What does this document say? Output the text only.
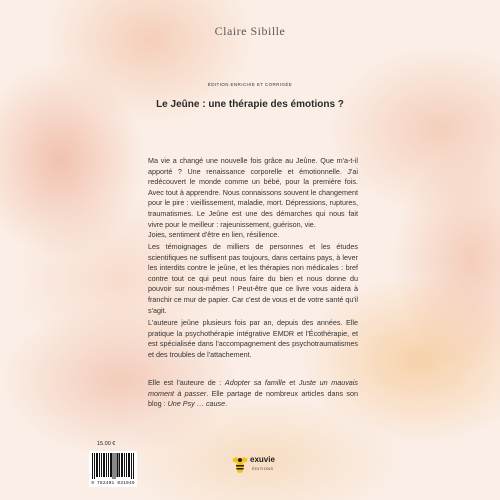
Claire Sibille
ÉDITION ENRICHIE ET CORRIGÉE
Le Jeûne : une thérapie des émotions ?
Ma vie a changé une nouvelle fois grâce au Jeûne. Que m'a-t-il apporté ? Une renaissance corporelle et émotionnelle. J'ai redécouvert le monde comme un bébé, pour la première fois. Avec tout à apprendre. Nous connaissons souvent le changement pour le pire : vieillissement, maladie, mort. Dépressions, ruptures, traumatismes. Le Jeûne est une des démarches qui nous fait vivre pour le meilleur : rajeunissement, guérison, vie.
Joies, sentiment d'être en lien, résilience.
Les témoignages de milliers de personnes et les études scientifiques ne suffisent pas toujours, dans certains pays, à lever les interdits contre le jeûne, et les thérapies non médicales : bref contre tout ce qui peut nous faire du bien et nous donne du pouvoir sur nous-mêmes ! Peut-être que ce livre vous aidera à franchir ce mur de papier. Car c'est de vous et de votre santé qu'il s'agit.
L'auteure jeûne plusieurs fois par an, depuis des années. Elle pratique la psychothérapie intégrative EMDR et l'Écothérapie, et est spécialisée dans l'accompagnement des psychotraumatismes et des troubles de l'attachement.
Elle est l'auteure de : Adopter sa famille et Juste un mauvais moment à passer. Elle partage de nombreux articles dans son blog : Une Psy … cause.
15.00 €
9 782491 031046
exuvie
ÉDITIONS
